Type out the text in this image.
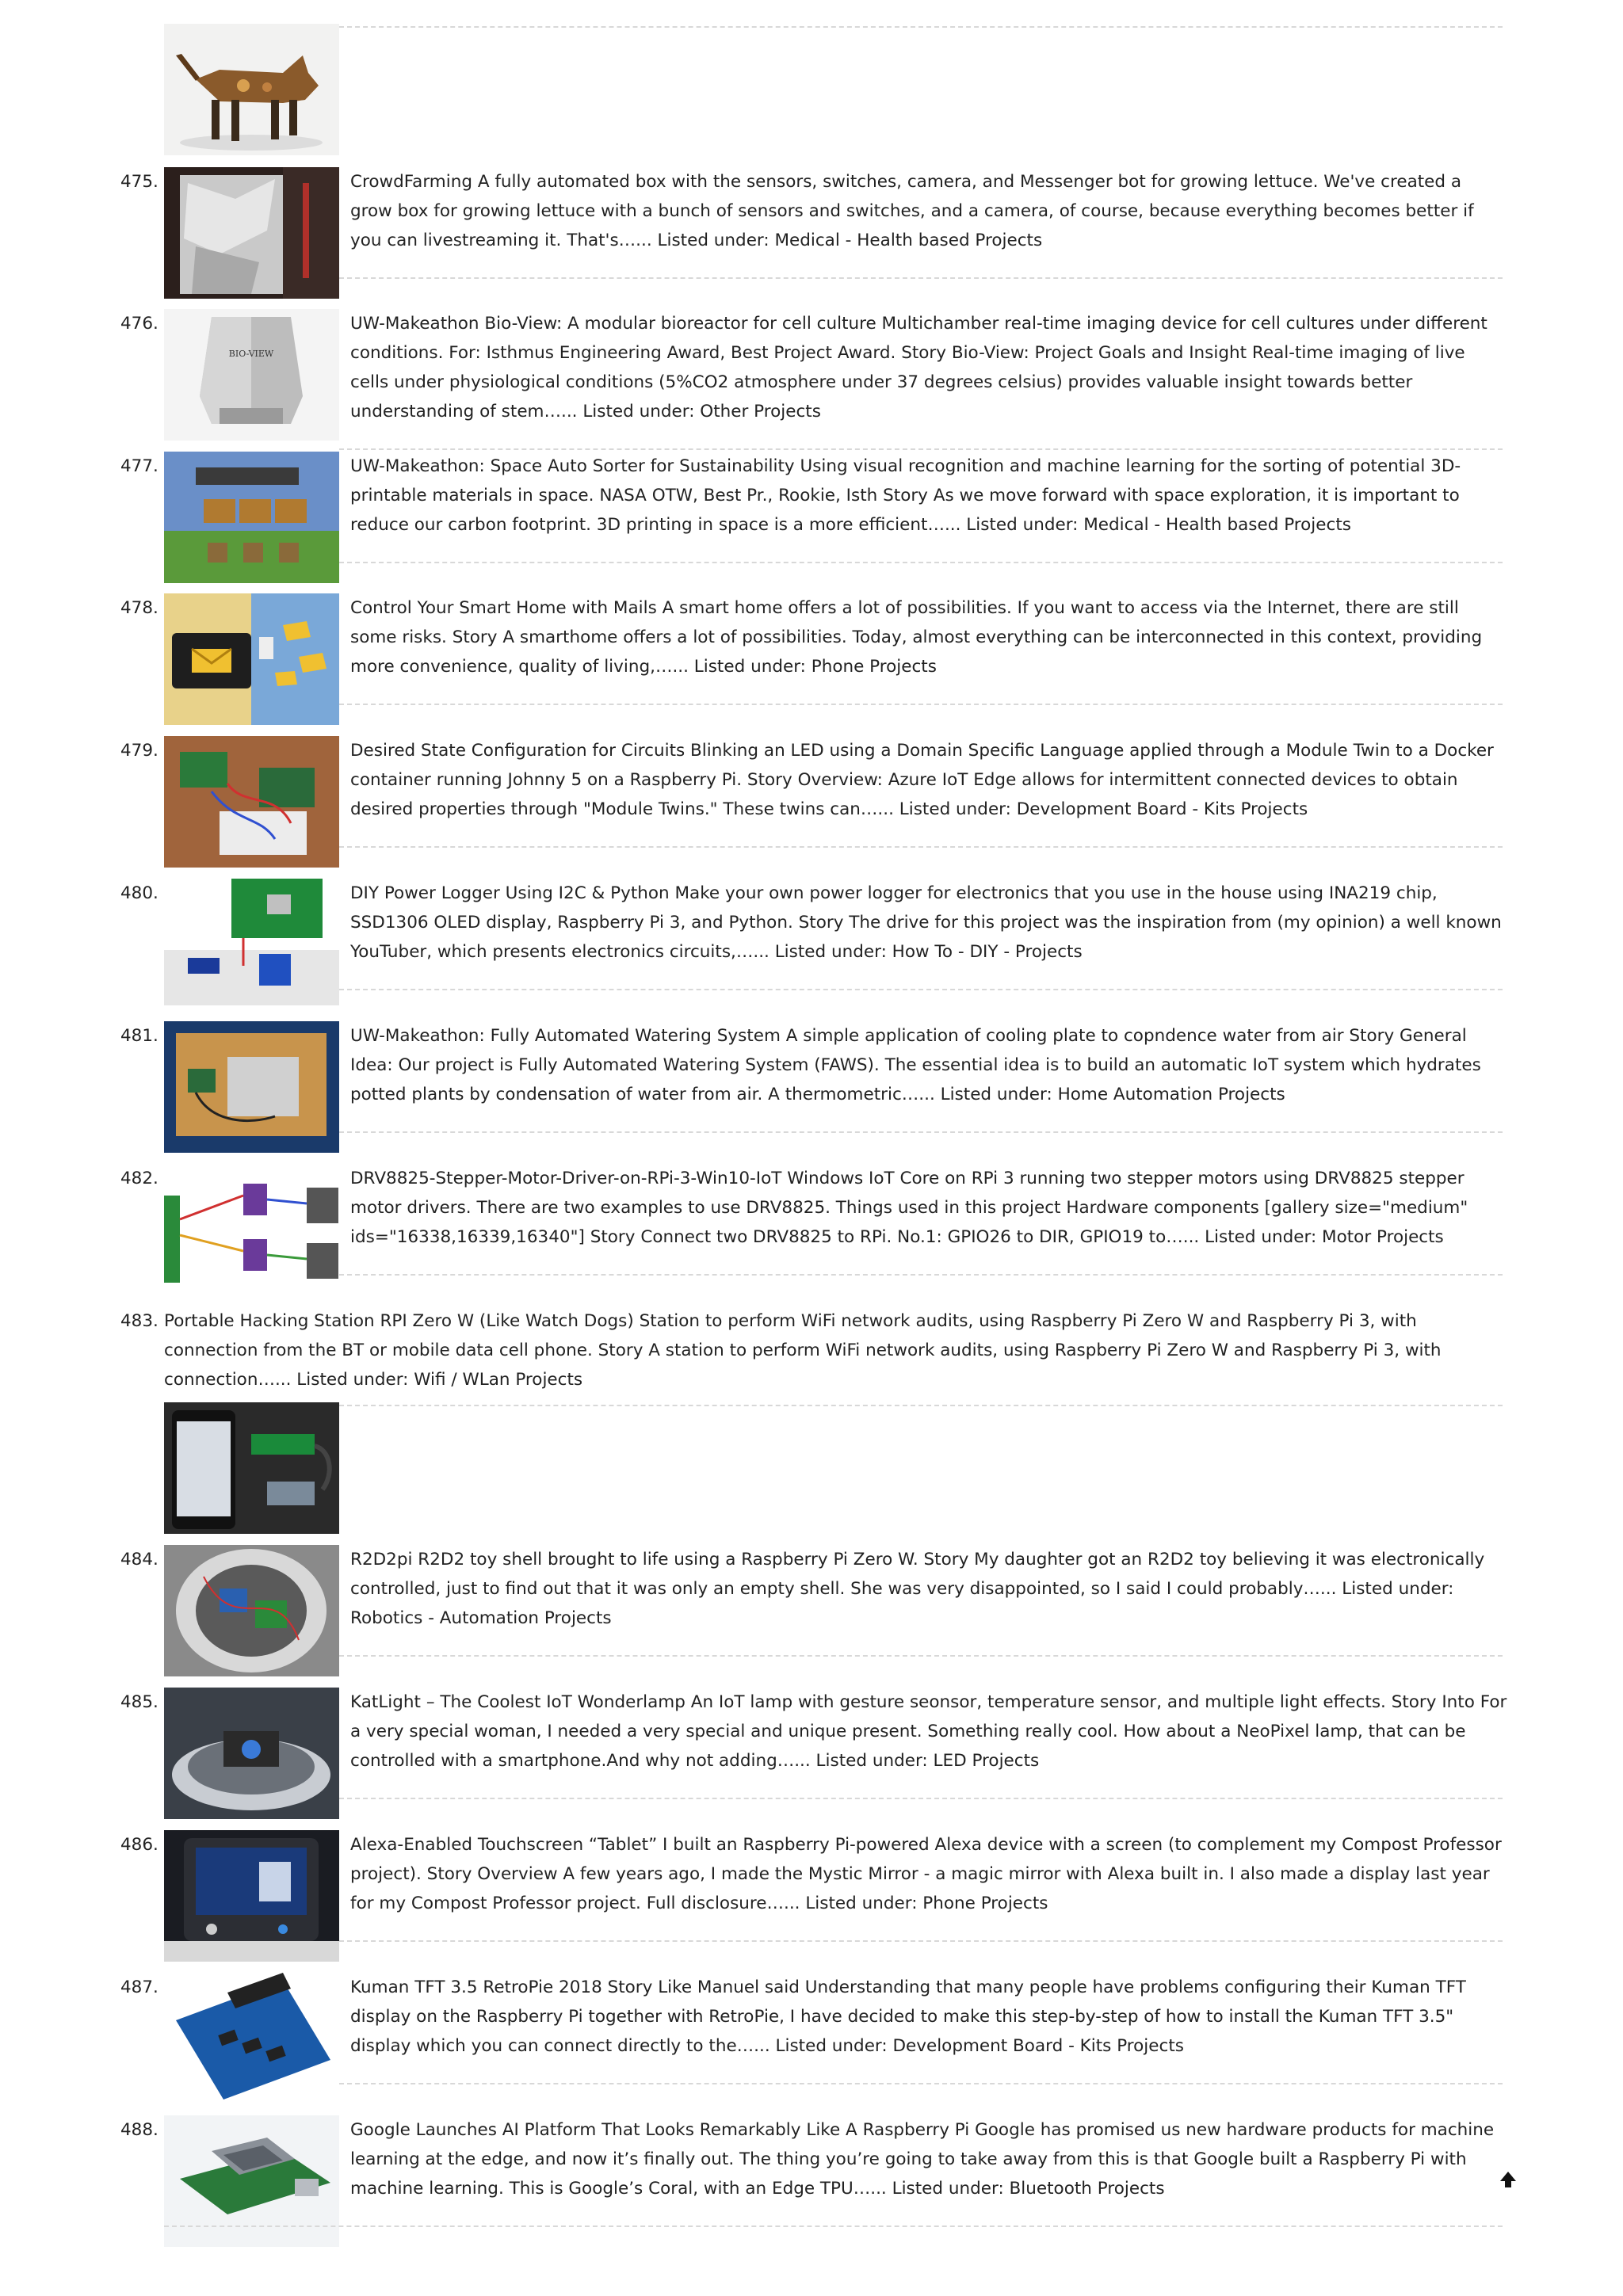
475.	CrowdFarming A fully automated box with the sensors, switches, camera, and Messenger bot for growing lettuce. We've created a grow box for growing lettuce with a bunch of sensors and switches, and a camera, of course, because everything becomes better if you can livestreaming it. That's…... Listed under: Medical - Health based Projects

476.
BIO-VIEW

UW-Makeathon Bio-View: A modular bioreactor for cell culture Multichamber real-time imaging device for cell cultures under different conditions. For: Isthmus Engineering Award, Best Project Award. Story Bio-View: Project Goals and Insight Real-time imaging of live cells under physiological conditions (5%CO2 atmosphere under 37 degrees celsius) provides valuable insight towards better understanding of stem…... Listed under: Other Projects

477.	UW-Makeathon: Space Auto Sorter for Sustainability Using visual recognition and machine learning for the sorting of potential 3D-printable materials in space. NASA OTW, Best Pr., Rookie, Isth Story As we move forward with space exploration, it is important to reduce our carbon footprint. 3D printing in space is a more efficient…... Listed under: Medical - Health based Projects

478.	Control Your Smart Home with Mails A smart home offers a lot of possibilities. If you want to access via the Internet, there are still some risks. Story A smarthome offers a lot of possibilities. Today, almost everything can be interconnected in this context, providing more convenience, quality of living,…... Listed under: Phone Projects

479.	Desired State Configuration for Circuits Blinking an LED using a Domain Specific Language applied through a Module Twin to a Docker container running Johnny 5 on a Raspberry Pi. Story Overview: Azure IoT Edge allows for intermittent connected devices to obtain desired properties through "Module Twins." These twins can…... Listed under: Development Board - Kits Projects

480.	DIY Power Logger Using I2C & Python Make your own power logger for electronics that you use in the house using INA219 chip, SSD1306 OLED display, Raspberry Pi 3, and Python. Story The drive for this project was the inspiration from (my opinion) a well known YouTuber, which presents electronics circuits,…... Listed under: How To - DIY - Projects

481.	UW-Makeathon: Fully Automated Watering System A simple application of cooling plate to copndence water from air Story General Idea: Our project is Fully Automated Watering System (FAWS). The essential idea is to build an automatic IoT system which hydrates potted plants by condensation of water from air. A thermometric…... Listed under: Home Automation Projects

482.	DRV8825-Stepper-Motor-Driver-on-RPi-3-Win10-IoT Windows IoT Core on RPi 3 running two stepper motors using DRV8825 stepper motor drivers. There are two examples to use DRV8825. Things used in this project Hardware components [gallery size="medium" ids="16338,16339,16340"] Story Connect two DRV8825 to RPi. No.1: GPIO26 to DIR, GPIO19 to…... Listed under: Motor Projects

483. Portable Hacking Station RPI Zero W (Like Watch Dogs) Station to perform WiFi network audits, using Raspberry Pi Zero W and Raspberry Pi 3, with connection from the BT or mobile data cell phone. Story A station to perform WiFi network audits, using Raspberry Pi Zero W and Raspberry Pi 3, with connection…... Listed under: Wifi / WLan Projects

484.	R2D2pi R2D2 toy shell brought to life using a Raspberry Pi Zero W. Story My daughter got an R2D2 toy believing it was electronically controlled, just to find out that it was only an empty shell. She was very disappointed, so I said I could probably…... Listed under: Robotics - Automation Projects

485.	KatLight – The Coolest IoT Wonderlamp An IoT lamp with gesture seonsor, temperature sensor, and multiple light effects. Story Into For a very special woman, I needed a very special and unique present. Something really cool. How about a NeoPixel lamp, that can be controlled with a smartphone.And why not adding…... Listed under: LED Projects

486.	Alexa-Enabled Touchscreen “Tablet” I built an Raspberry Pi-powered Alexa device with a screen (to complement my Compost Professor project). Story Overview A few years ago, I made the Mystic Mirror - a magic mirror with Alexa built in. I also made a display last year for my Compost Professor project. Full disclosure…... Listed under: Phone Projects

487.	Kuman TFT 3.5 RetroPie 2018 Story Like Manuel said Understanding that many people have problems configuring their Kuman TFT display on the Raspberry Pi together with RetroPie, I have decided to make this step-by-step of how to install the Kuman TFT 3.5" display which you can connect directly to the…... Listed under: Development Board - Kits Projects

488.	Google Launches AI Platform That Looks Remarkably Like A Raspberry Pi Google has promised us new hardware products for machine learning at the edge, and now it’s finally out. The thing you’re going to take away from this is that Google built a Raspberry Pi with machine learning. This is Google’s Coral, with an Edge TPU…... Listed under: Bluetooth Projects
